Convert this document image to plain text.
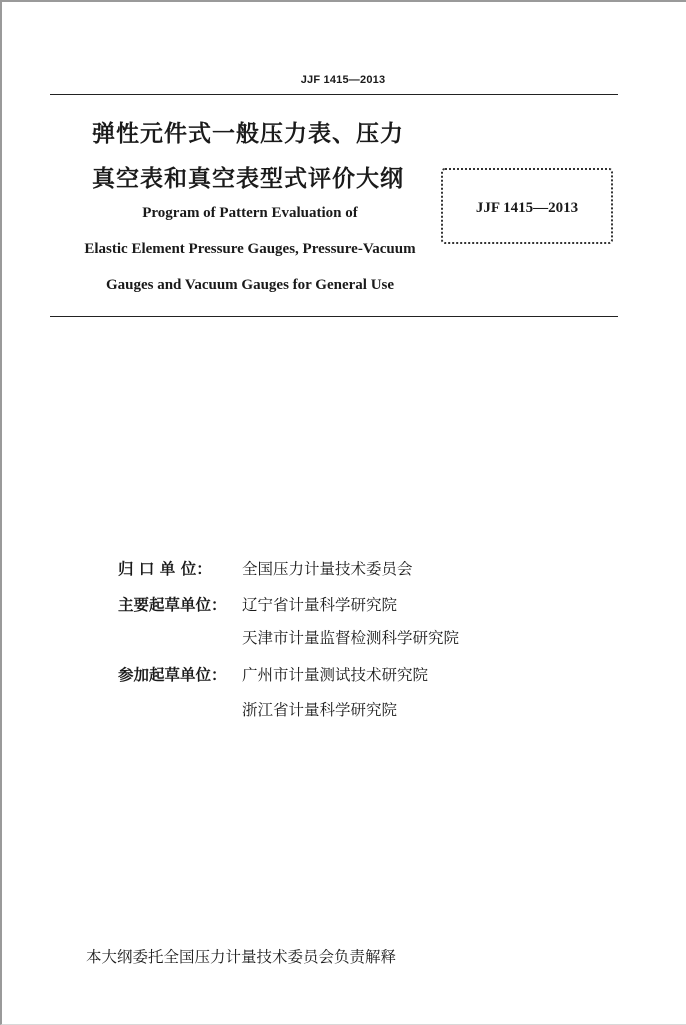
JJF 1415—2013
弹性元件式一般压力表、压力
真空表和真空表型式评价大纲
Program of Pattern Evaluation of
Elastic Element Pressure Gauges, Pressure-Vacuum
Gauges and Vacuum Gauges for General Use
JJF 1415—2013
归 口 单 位： 全国压力计量技术委员会
主要起草单位： 辽宁省计量科学研究院
天津市计量监督检测科学研究院
参加起草单位： 广州市计量测试技术研究院
浙江省计量科学研究院
本大纲委托全国压力计量技术委员会负责解释
